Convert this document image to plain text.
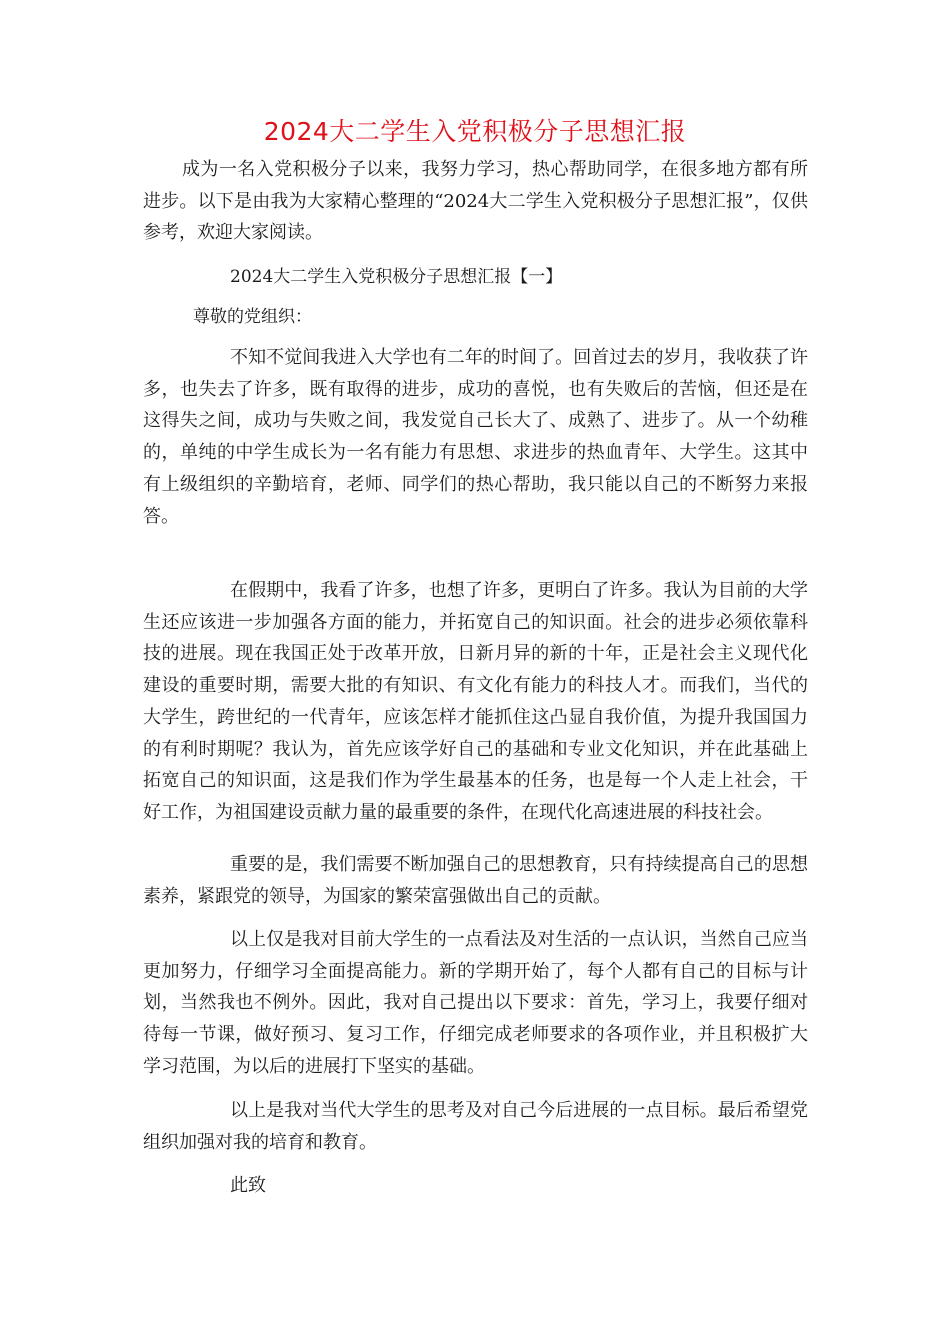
2024大二学生入党积极分子思想汇报

成为一名入党积极分子以来，我努力学习，热心帮助同学，在很多地方都有所进步。以下是由我为大家精心整理的“2024大二学生入党积极分子思想汇报”，仅供参考，欢迎大家阅读。

2024大二学生入党积极分子思想汇报【一】
尊敬的党组织：

不知不觉间我进入大学也有二年的时间了。回首过去的岁月，我收获了许多，也失去了许多，既有取得的进步，成功的喜悦，也有失败后的苦恼，但还是在这得失之间，成功与失败之间，我发觉自己长大了、成熟了、进步了。从一个幼稚的，单纯的中学生成长为一名有能力有思想、求进步的热血青年、大学生。这其中有上级组织的辛勤培育，老师、同学们的热心帮助，我只能以自己的不断努力来报答。

在假期中，我看了许多，也想了许多，更明白了许多。我认为目前的大学生还应该进一步加强各方面的能力，并拓宽自己的知识面。社会的进步必须依靠科技的进展。现在我国正处于改革开放，日新月异的新的十年，正是社会主义现代化建设的重要时期，需要大批的有知识、有文化有能力的科技人才。而我们，当代的大学生，跨世纪的一代青年，应该怎样才能抓住这凸显自我价值，为提升我国国力的有利时期呢？我认为，首先应该学好自己的基础和专业文化知识，并在此基础上拓宽自己的知识面，这是我们作为学生最基本的任务，也是每一个人走上社会，干好工作，为祖国建设贡献力量的最重要的条件，在现代化高速进展的科技社会。

重要的是，我们需要不断加强自己的思想教育，只有持续提高自己的思想素养，紧跟党的领导，为国家的繁荣富强做出自己的贡献。

以上仅是我对目前大学生的一点看法及对生活的一点认识，当然自己应当更加努力，仔细学习全面提高能力。新的学期开始了，每个人都有自己的目标与计划，当然我也不例外。因此，我对自己提出以下要求：首先，学习上，我要仔细对待每一节课，做好预习、复习工作，仔细完成老师要求的各项作业，并且积极扩大学习范围，为以后的进展打下坚实的基础。

以上是我对当代大学生的思考及对自己今后进展的一点目标。最后希望党组织加强对我的培育和教育。

此致
